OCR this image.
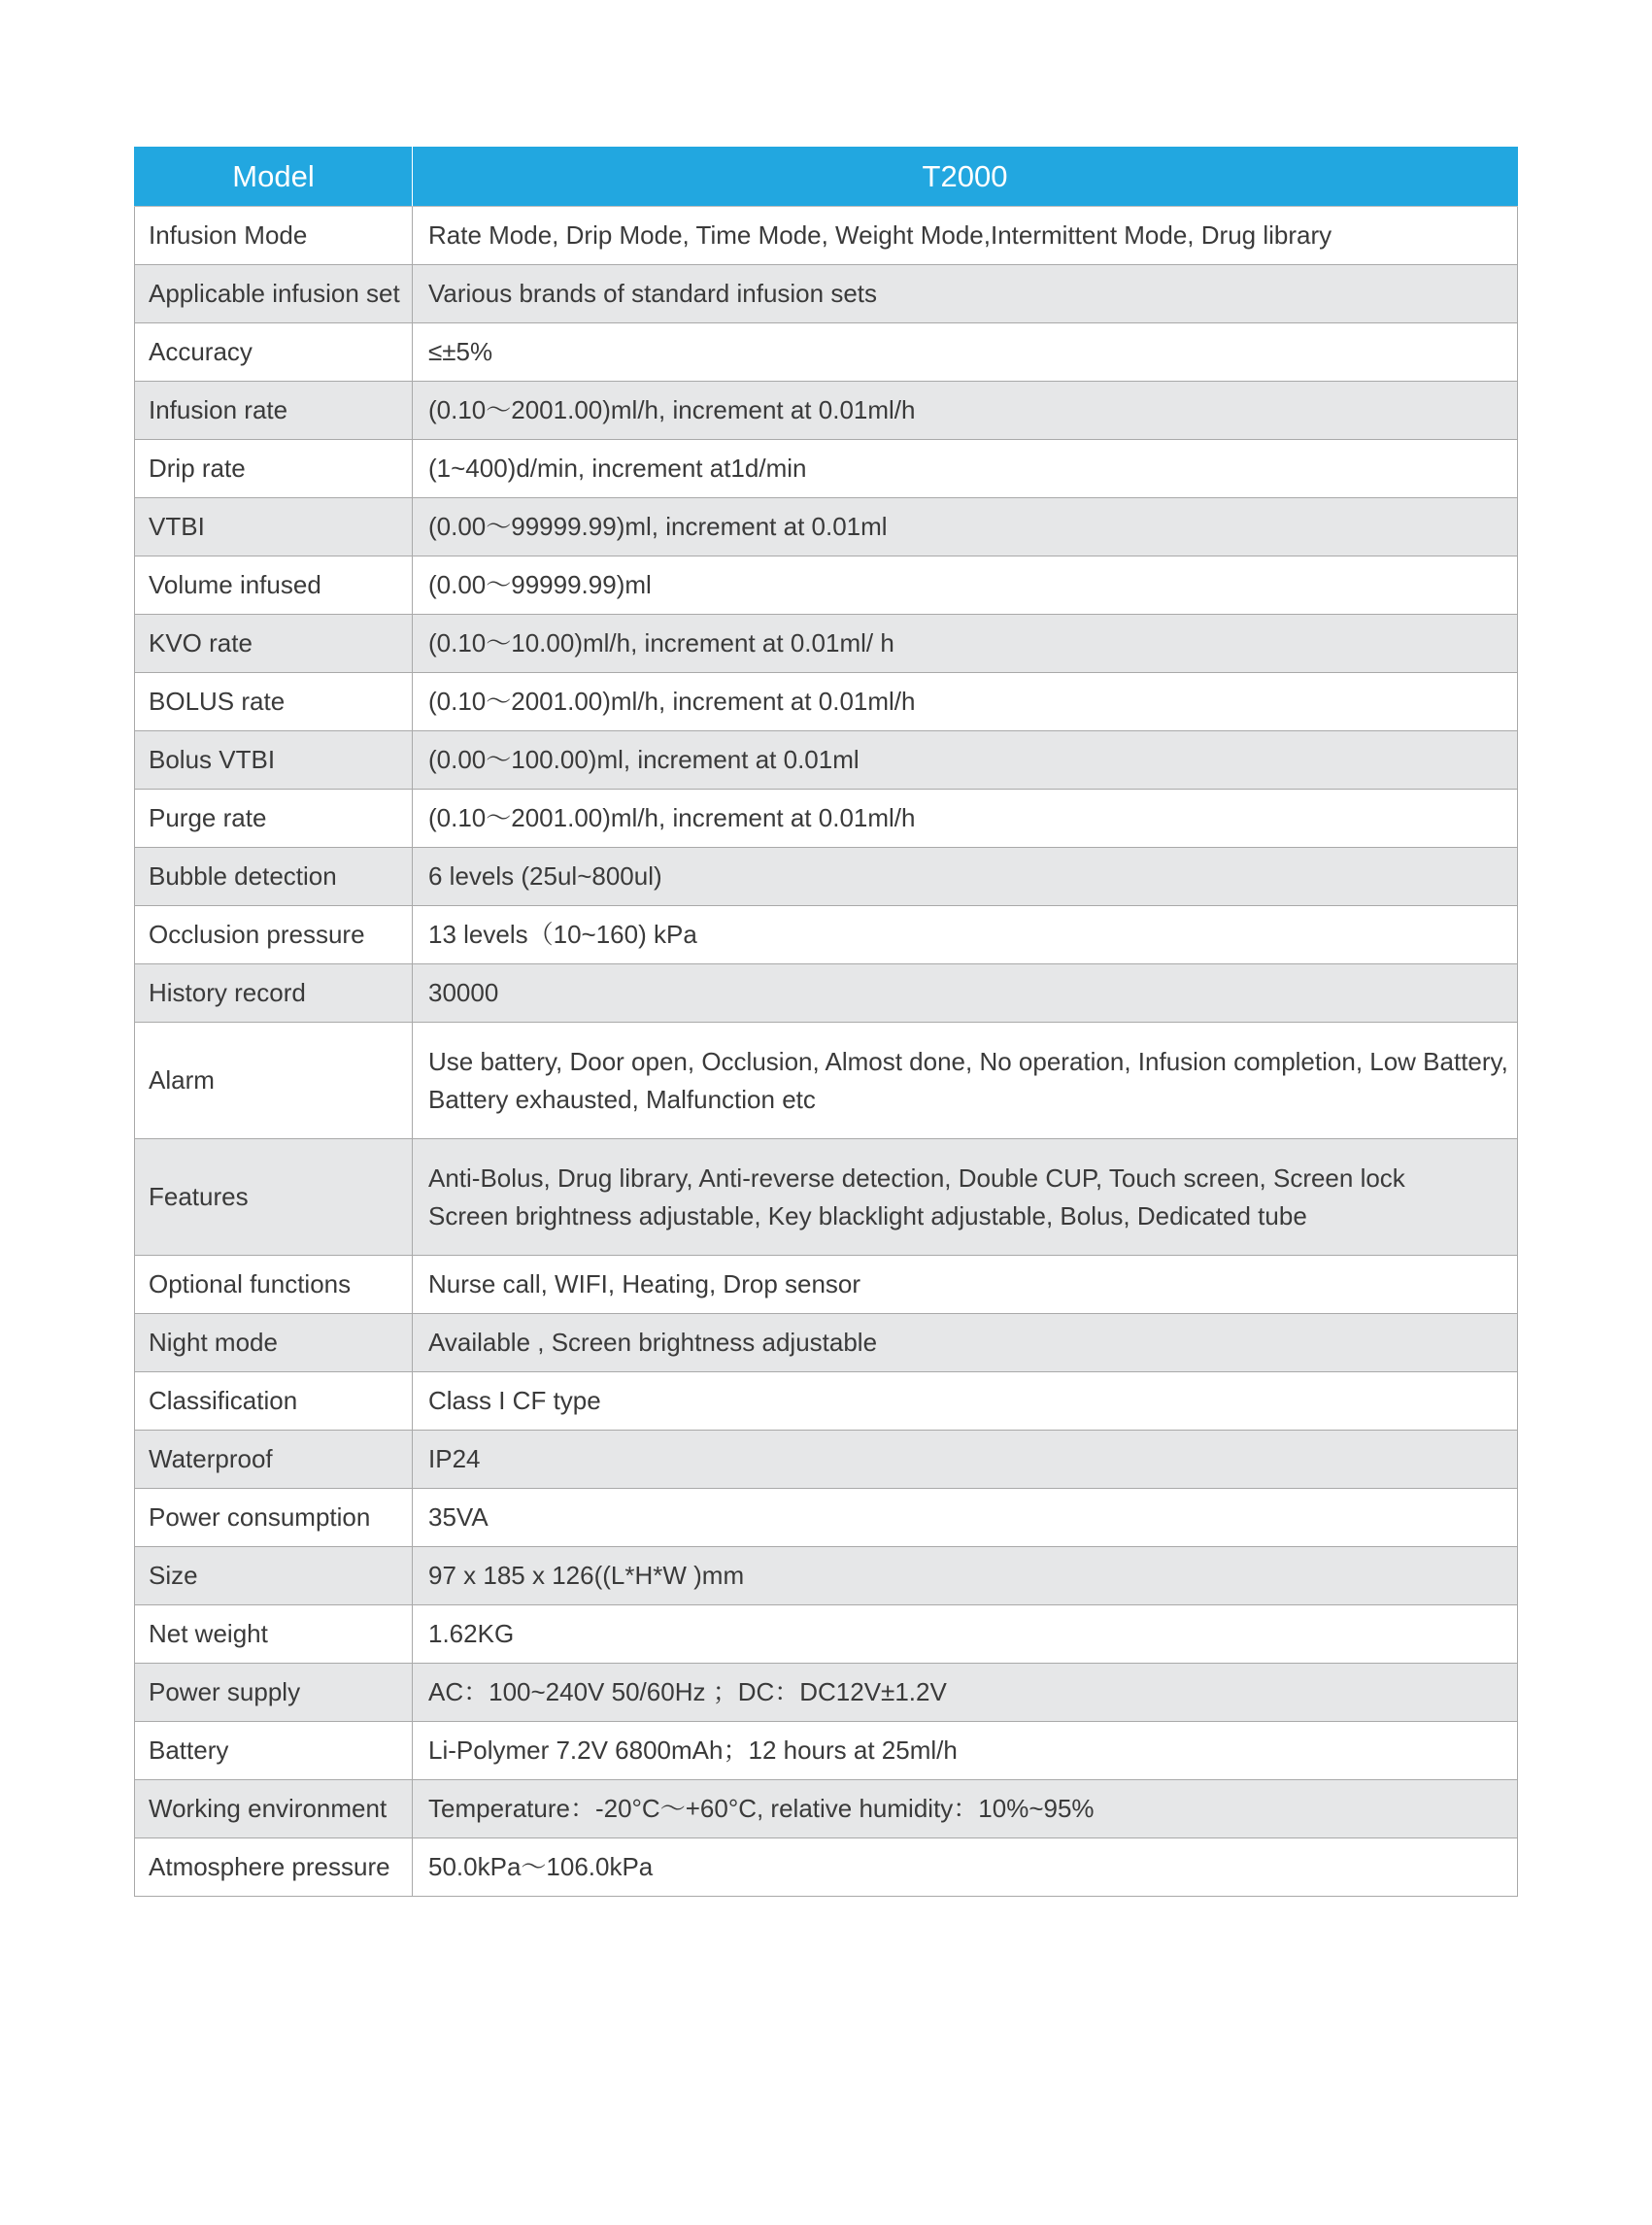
Model	T2000
Infusion Mode	Rate Mode, Drip Mode, Time Mode, Weight Mode,Intermittent Mode, Drug library
Applicable infusion set	Various brands of standard infusion sets
Accuracy	≤±5%
Infusion rate	(0.10～2001.00)ml/h, increment at 0.01ml/h
Drip rate	(1~400)d/min, increment at1d/min
VTBI	(0.00～99999.99)ml, increment at 0.01ml
Volume infused	(0.00～99999.99)ml
KVO rate	(0.10～10.00)ml/h, increment at 0.01ml/ h
BOLUS rate	(0.10～2001.00)ml/h, increment at 0.01ml/h
Bolus VTBI	(0.00～100.00)ml, increment at 0.01ml
Purge rate	(0.10～2001.00)ml/h, increment at 0.01ml/h
Bubble detection	6 levels (25ul~800ul)
Occlusion pressure	13 levels（10~160) kPa
History record	30000
Alarm	Use battery, Door open, Occlusion, Almost done, No operation, Infusion completion, Low Battery, Battery exhausted, Malfunction etc
Features	Anti-Bolus, Drug library, Anti-reverse detection, Double CUP, Touch screen, Screen lock
Screen brightness adjustable, Key blacklight adjustable, Bolus, Dedicated tube

Optional functions	Nurse call, WIFI, Heating, Drop sensor
Night mode	Available , Screen brightness adjustable
Classification	Class I CF type
Waterproof	IP24
Power consumption	35VA
Size	97 x 185 x 126((L*H*W )mm
Net weight	1.62KG
Power supply	AC：100~240V 50/60Hz ；DC：DC12V±1.2V
Battery	Li-Polymer 7.2V 6800mAh；12 hours at 25ml/h
Working environment	Temperature：-20°C～+60°C, relative humidity：10%~95%
Atmosphere pressure	50.0kPa～106.0kPa
